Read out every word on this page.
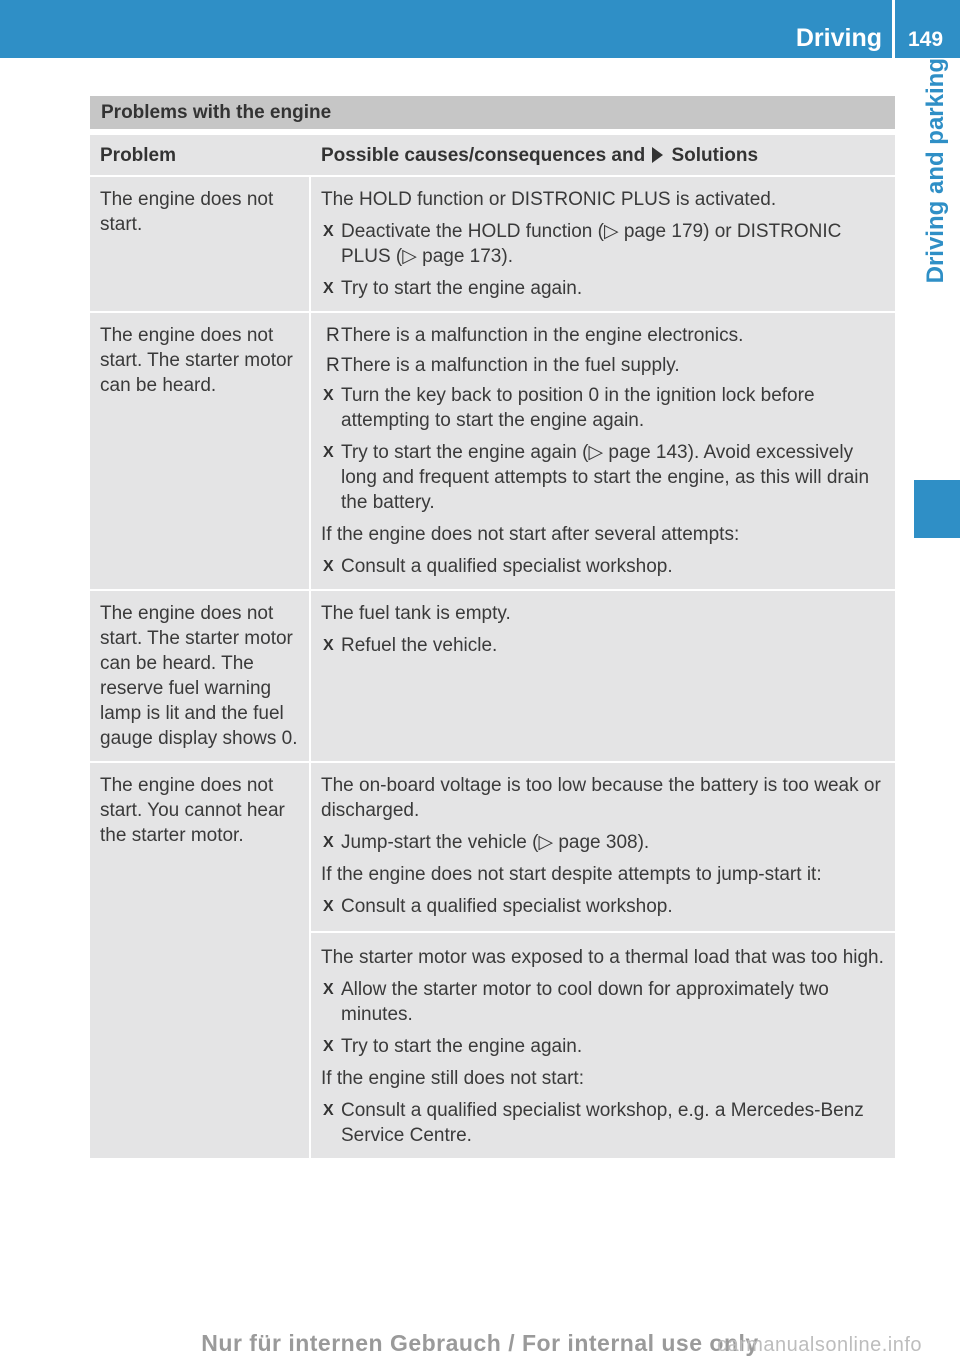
Driving 149
Driving and parking
Problems with the engine
Problem	Possible causes/consequences and Solutions
The engine does not start.

The HOLD function or DISTRONIC PLUS is activated.

X Deactivate the HOLD function (▷ page 179) or DISTRONIC PLUS (▷ page 173).
X Try to start the engine again.
The engine does not start. The starter motor can be heard.
R There is a malfunction in the engine electronics.
R There is a malfunction in the fuel supply.
X Turn the key back to position 0 in the ignition lock before attempting to start the engine again.
X Try to start the engine again (▷ page 143). Avoid excessively long and frequent attempts to start the engine, as this will drain the battery.

If the engine does not start after several attempts:

X Consult a qualified specialist workshop.
The engine does not start. The starter motor can be heard. The reserve fuel warning lamp is lit and the fuel gauge display shows 0.

The fuel tank is empty.

X Refuel the vehicle.
The engine does not start. You cannot hear the starter motor.

The on-board voltage is too low because the battery is too weak or discharged.

X Jump-start the vehicle (▷ page 308).

If the engine does not start despite attempts to jump-start it:

X Consult a qualified specialist workshop.

The starter motor was exposed to a thermal load that was too high.

X Allow the starter motor to cool down for approximately two minutes.
X Try to start the engine again.

If the engine still does not start:

X Consult a qualified specialist workshop, e.g. a Mercedes-Benz Service Centre.
Nur für internen Gebrauch / For internal use only
carmanualsonline.info
